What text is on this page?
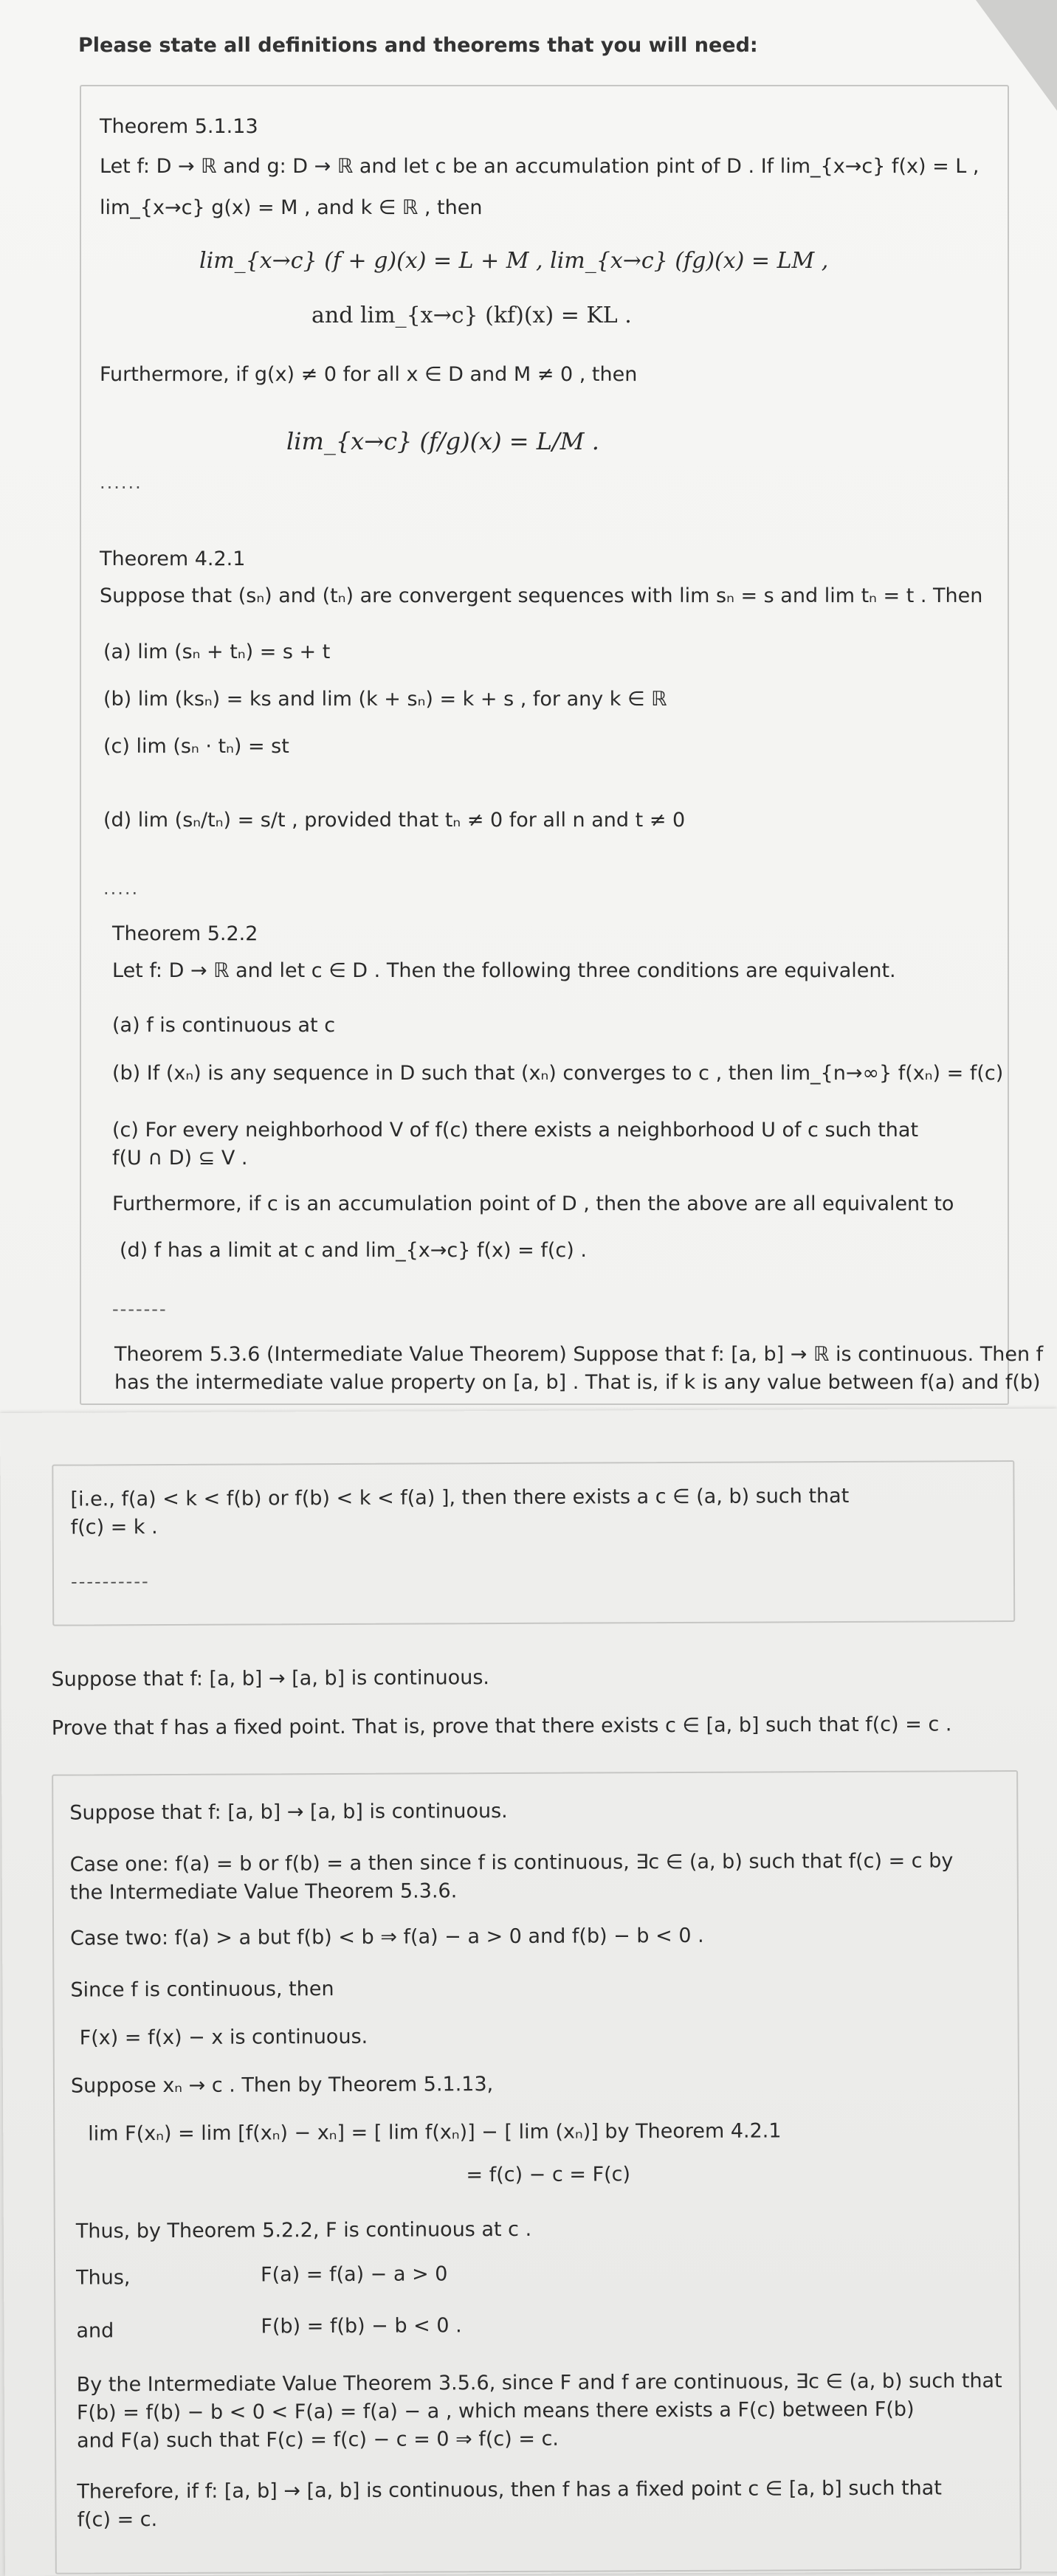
Please state all definitions and theorems that you will need:
Theorem 5.1.13
Let f: D → ℝ and g: D → ℝ and let c be an accumulation pint of D . If lim_{x→c} f(x) = L ,
lim_{x→c} g(x) = M , and k ∈ ℝ , then
lim_{x→c} (f + g)(x) = L + M , lim_{x→c} (fg)(x) = LM ,
and lim_{x→c} (kf)(x) = KL .
Furthermore, if g(x) ≠ 0 for all x ∈ D and M ≠ 0 , then
lim_{x→c} (f/g)(x) = L/M .
......
Theorem 4.2.1
Suppose that (sₙ) and (tₙ) are convergent sequences with lim sₙ = s and lim tₙ = t . Then
(a) lim (sₙ + tₙ) = s + t
(b) lim (ksₙ) = ks and lim (k + sₙ) = k + s , for any k ∈ ℝ
(c) lim (sₙ · tₙ) = st
(d) lim (sₙ/tₙ) = s/t , provided that tₙ ≠ 0 for all n and t ≠ 0
.....
Theorem 5.2.2
Let f: D → ℝ and let c ∈ D . Then the following three conditions are equivalent.
(a) f is continuous at c
(b) If (xₙ) is any sequence in D such that (xₙ) converges to c , then lim_{n→∞} f(xₙ) = f(c)
(c) For every neighborhood V of f(c) there exists a neighborhood U of c such that
f(U ∩ D) ⊆ V .
Furthermore, if c is an accumulation point of D , then the above are all equivalent to
(d) f has a limit at c and lim_{x→c} f(x) = f(c) .
-------
Theorem 5.3.6 (Intermediate Value Theorem) Suppose that f: [a, b] → ℝ is continuous. Then f
has the intermediate value property on [a, b] . That is, if k is any value between f(a) and f(b)
[i.e., f(a) < k < f(b) or f(b) < k < f(a) ], then there exists a c ∈ (a, b) such that
f(c) = k .
----------
Suppose that f: [a, b] → [a, b] is continuous.
Prove that f has a fixed point. That is, prove that there exists c ∈ [a, b] such that f(c) = c .
Suppose that f: [a, b] → [a, b] is continuous.
Case one: f(a) = b or f(b) = a then since f is continuous, ∃c ∈ (a, b) such that f(c) = c by
the Intermediate Value Theorem 5.3.6.
Case two: f(a) > a but f(b) < b ⇒ f(a) − a > 0 and f(b) − b < 0 .
Since f is continuous, then
F(x) = f(x) − x is continuous.
Suppose xₙ → c . Then by Theorem 5.1.13,
lim F(xₙ) = lim [f(xₙ) − xₙ] = [ lim f(xₙ)] − [ lim (xₙ)] by Theorem 4.2.1
= f(c) − c = F(c)
Thus, by Theorem 5.2.2, F is continuous at c .
Thus,	F(a) = f(a) − a > 0
and	F(b) = f(b) − b < 0 .
By the Intermediate Value Theorem 3.5.6, since F and f are continuous, ∃c ∈ (a, b) such that
F(b) = f(b) − b < 0 < F(a) = f(a) − a , which means there exists a F(c) between F(b)
and F(a) such that F(c) = f(c) − c = 0 ⇒ f(c) = c.
Therefore, if f: [a, b] → [a, b] is continuous, then f has a fixed point c ∈ [a, b] such that
f(c) = c.
